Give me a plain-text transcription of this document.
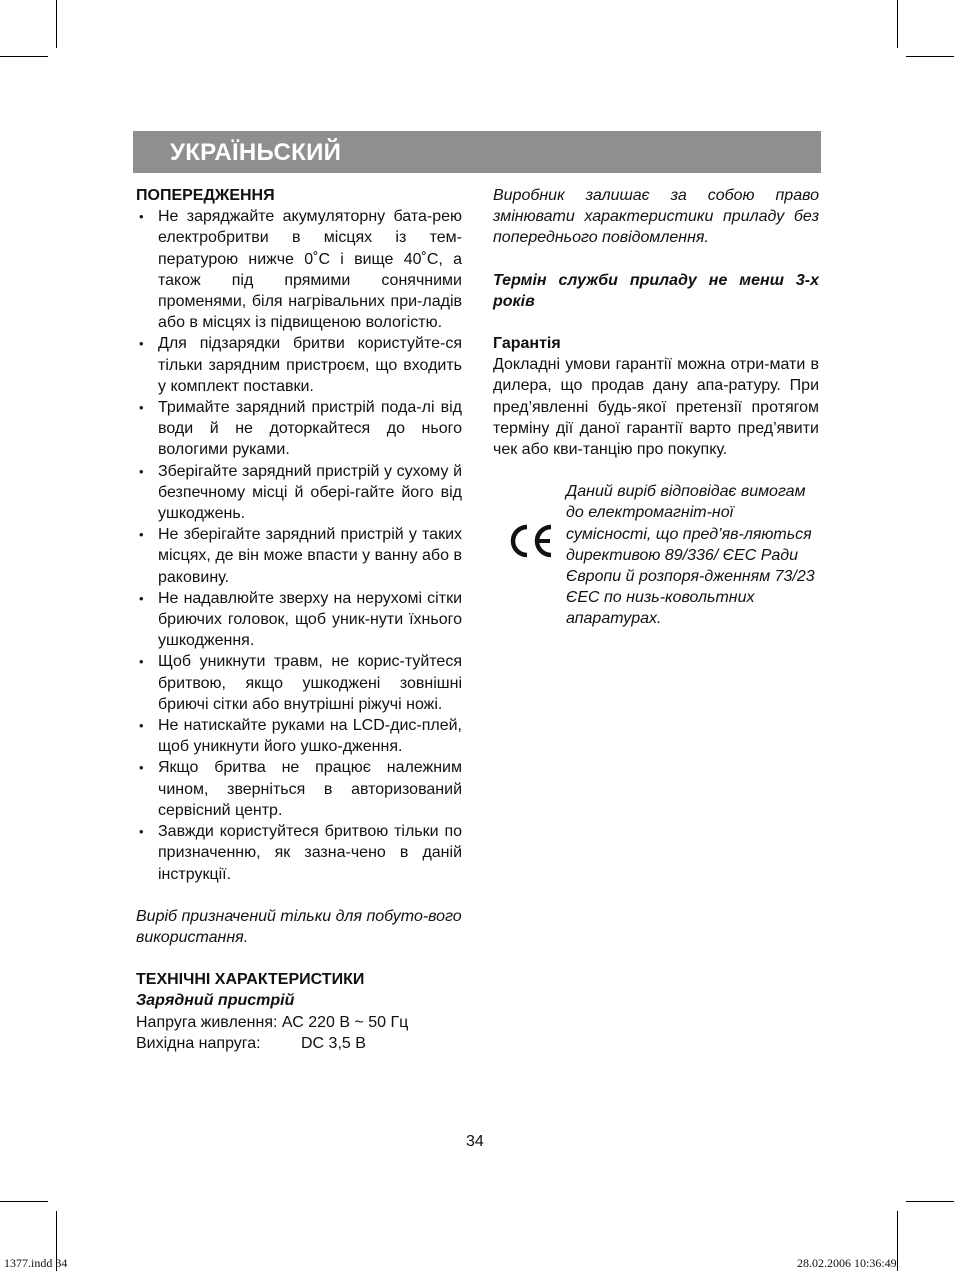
УКРАЇНЬСКИЙ
ПОПЕРЕДЖЕННЯ
• Не заряджайте акумуляторну бата-рею електробритви в місцях із тем-пературою нижче 0˚С і вище 40˚С, а також під прямими сонячними променями, біля нагрівальних при-ладів або в місцях із підвищеною вологістю.
• Для підзарядки бритви користуйте-ся тільки зарядним пристроєм, що входить у комплект поставки.
• Тримайте зарядний пристрій пода-лі від води й не доторкайтеся до нього вологими руками.
• Зберігайте зарядний пристрій у сухому й безпечному місці й обері-гайте його від ушкоджень.
• Не зберігайте зарядний пристрій у таких місцях, де він може впасти у ванну або в раковину.
• Не надавлюйте зверху на нерухомі сітки бриючих головок, щоб уник-нути їхнього ушкодження.
• Щоб уникнути травм, не корис-туйтеся бритвою, якщо ушкоджені зовнішні бриючі сітки або внутрішні ріжучі ножі.
• Не натискайте руками на LCD-дис-плей, щоб уникнути його ушко-дження.
• Якщо бритва не працює належним чином, зверніться в авторизований сервісний центр.
• Завжди користуйтеся бритвою тільки по призначенню, як зазна-чено в даній інструкції.
Виріб призначений тільки для побуто-вого використання.
ТЕХНІЧНІ ХАРАКТЕРИСТИКИ
Зарядний пристрій
Напруга живлення: АС 220 В ~ 50 Гц
Вихідна напруга:	DC 3,5 В
Виробник залишає за собою право змінювати характеристики приладу без попереднього повідомлення.
Термін служби приладу не менш 3-х років
Гарантія
Докладні умови гарантії можна отри-мати в дилера, що продав дану апа-ратуру. При пред’явленні будь-якої претензії протягом терміну дії даної гарантії варто пред’явити чек або кви-танцію про покупку.
Даний виріб відповідає вимогам до електромагніт-ної сумісності, що пред’яв-ляються директивою 89/336/ ЄЕС Ради Європи й розпоря-дженням 73/23 ЄЕС по низь-ковольтних апаратурах.
34
1377.indd 34	28.02.2006 10:36:49
